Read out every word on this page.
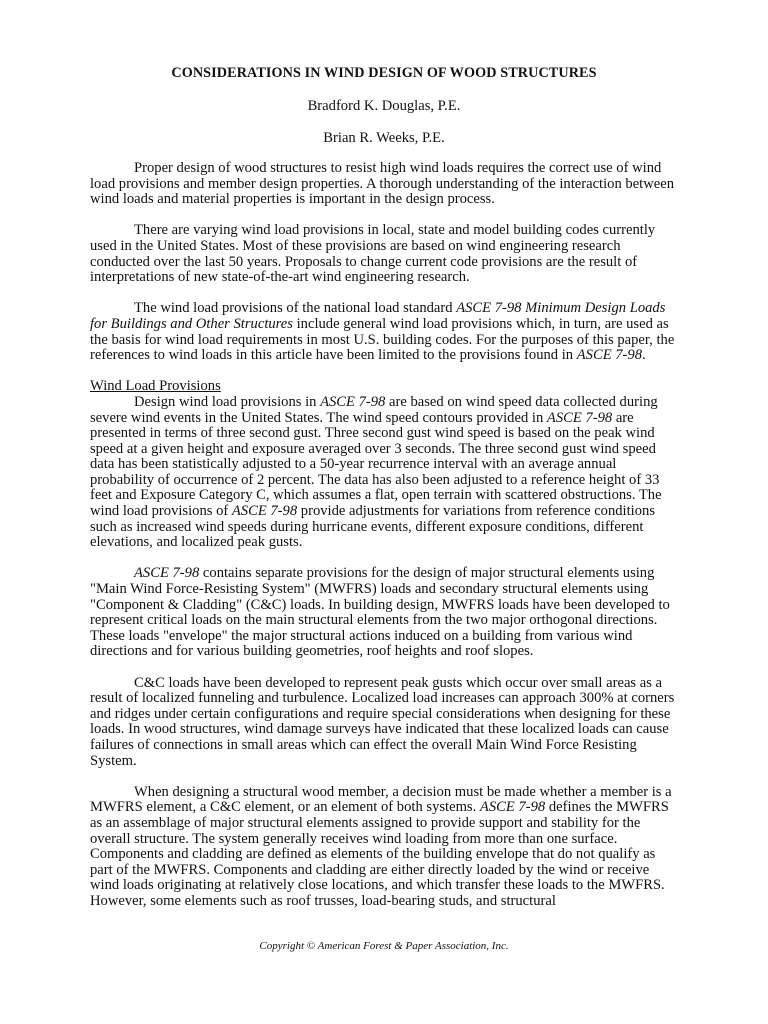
CONSIDERATIONS IN WIND DESIGN OF WOOD STRUCTURES

Bradford K. Douglas, P.E.

Brian R. Weeks, P.E.

Proper design of wood structures to resist high wind loads requires the correct use of wind load provisions and member design properties. A thorough understanding of the interaction between wind loads and material properties is important in the design process.

There are varying wind load provisions in local, state and model building codes currently used in the United States. Most of these provisions are based on wind engineering research conducted over the last 50 years. Proposals to change current code provisions are the result of interpretations of new state-of-the-art wind engineering research.

The wind load provisions of the national load standard ASCE 7-98 Minimum Design Loads for Buildings and Other Structures include general wind load provisions which, in turn, are used as the basis for wind load requirements in most U.S. building codes. For the purposes of this paper, the references to wind loads in this article have been limited to the provisions found in ASCE 7-98.

Wind Load Provisions

Design wind load provisions in ASCE 7-98 are based on wind speed data collected during severe wind events in the United States. The wind speed contours provided in ASCE 7-98 are presented in terms of three second gust. Three second gust wind speed is based on the peak wind speed at a given height and exposure averaged over 3 seconds. The three second gust wind speed data has been statistically adjusted to a 50-year recurrence interval with an average annual probability of occurrence of 2 percent. The data has also been adjusted to a reference height of 33 feet and Exposure Category C, which assumes a flat, open terrain with scattered obstructions. The wind load provisions of ASCE 7-98 provide adjustments for variations from reference conditions such as increased wind speeds during hurricane events, different exposure conditions, different elevations, and localized peak gusts.

ASCE 7-98 contains separate provisions for the design of major structural elements using "Main Wind Force-Resisting System" (MWFRS) loads and secondary structural elements using "Component & Cladding" (C&C) loads. In building design, MWFRS loads have been developed to represent critical loads on the main structural elements from the two major orthogonal directions. These loads "envelope" the major structural actions induced on a building from various wind directions and for various building geometries, roof heights and roof slopes.

C&C loads have been developed to represent peak gusts which occur over small areas as a result of localized funneling and turbulence. Localized load increases can approach 300% at corners and ridges under certain configurations and require special considerations when designing for these loads. In wood structures, wind damage surveys have indicated that these localized loads can cause failures of connections in small areas which can effect the overall Main Wind Force Resisting System.

When designing a structural wood member, a decision must be made whether a member is a MWFRS element, a C&C element, or an element of both systems. ASCE 7-98 defines the MWFRS as an assemblage of major structural elements assigned to provide support and stability for the overall structure. The system generally receives wind loading from more than one surface. Components and cladding are defined as elements of the building envelope that do not qualify as part of the MWFRS. Components and cladding are either directly loaded by the wind or receive wind loads originating at relatively close locations, and which transfer these loads to the MWFRS. However, some elements such as roof trusses, load-bearing studs, and structural

Copyright © American Forest & Paper Association, Inc.
